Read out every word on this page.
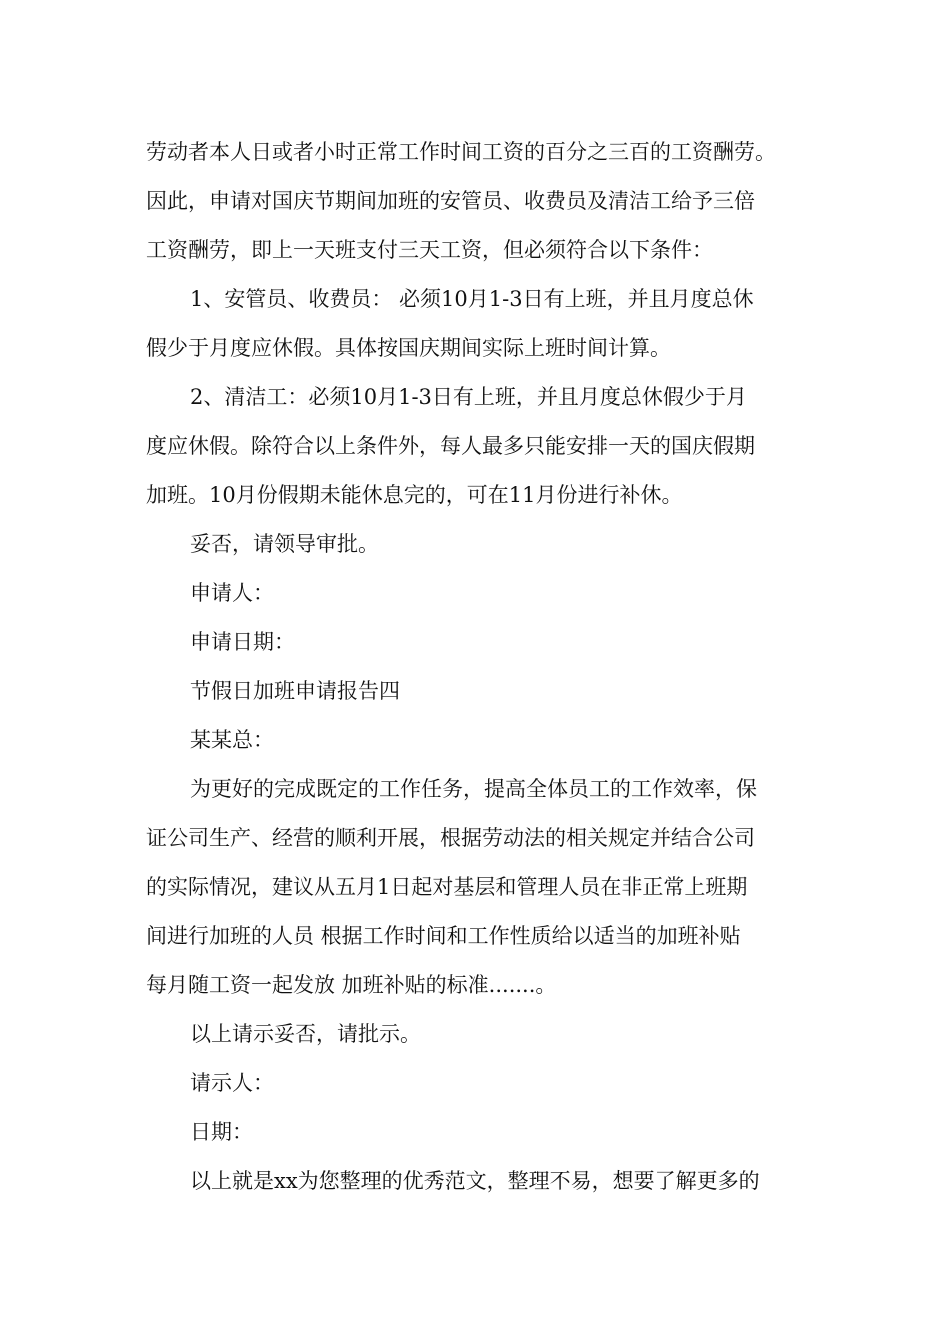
劳动者本人日或者小时正常工作时间工资的百分之三百的工资酬劳。
因此，申请对国庆节期间加班的安管员、收费员及清洁工给予三倍
工资酬劳，即上一天班支付三天工资，但必须符合以下条件：
1、安管员、收费员： 必须10月1-3日有上班，并且月度总休
假少于月度应休假。具体按国庆期间实际上班时间计算。
2、清洁工：必须10月1-3日有上班，并且月度总休假少于月
度应休假。除符合以上条件外，每人最多只能安排一天的国庆假期
加班。10月份假期未能休息完的，可在11月份进行补休。
妥否，请领导审批。
申请人：
申请日期：
节假日加班申请报告四
某某总：
为更好的完成既定的工作任务，提高全体员工的工作效率，保
证公司生产、经营的顺利开展，根据劳动法的相关规定并结合公司
的实际情况，建议从五月1日起对基层和管理人员在非正常上班期
间进行加班的人员 根据工作时间和工作性质给以适当的加班补贴
每月随工资一起发放 加班补贴的标准.......。
以上请示妥否，请批示。
请示人：
日期：
以上就是xx为您整理的优秀范文，整理不易，想要了解更多的
